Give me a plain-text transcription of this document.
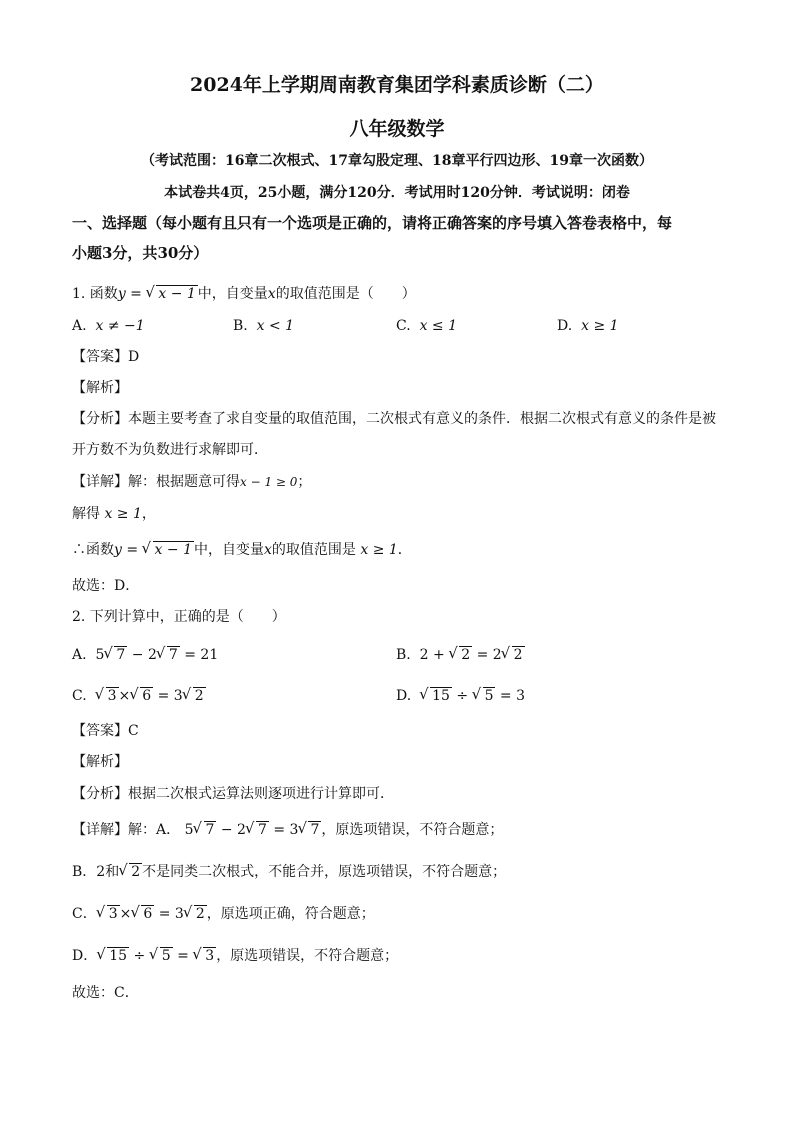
2024年上学期周南教育集团学科素质诊断（二）
八年级数学
（考试范围：16章二次根式、17章勾股定理、18章平行四边形、19章一次函数）
本试卷共4页，25小题，满分120分．考试用时120分钟．考试说明：闭卷
一、选择题（每小题有且只有一个选项是正确的，请将正确答案的序号填入答卷表格中，每
小题3分，共30分）
1. 函数y = √ x − 1 中，自变量x的取值范围是（　　）
A. x ≠ −1	B. x < 1	C. x ≤ 1	D. x ≥ 1
【答案】D
【解析】
【分析】本题主要考查了求自变量的取值范围，二次根式有意义的条件．根据二次根式有意义的条件是被
开方数不为负数进行求解即可．
【详解】解：根据题意可得x − 1 ≥ 0；
解得 x ≥ 1，
∴函数y = √ x − 1 中，自变量x的取值范围是 x ≥ 1．
故选：D．
2. 下列计算中，正确的是（　　）
A. 5 √ 7 − 2 √ 7 = 21	B. 2 + √ 2 = 2 √ 2
C. √ 3 × √ 6 = 3 √ 2	D. √ 15 ÷ √ 5 = 3
【答案】C
【解析】
【分析】根据二次根式运算法则逐项进行计算即可．
【详解】解：A． 5 √ 7 − 2 √ 7 = 3 √ 7 ，原选项错误，不符合题意；
B．2和 √ 2 不是同类二次根式，不能合并，原选项错误，不符合题意；
C． √ 3 × √ 6 = 3 √ 2 ，原选项正确，符合题意；
D． √ 15 ÷ √ 5 = √ 3 ，原选项错误，不符合题意；
故选：C．
